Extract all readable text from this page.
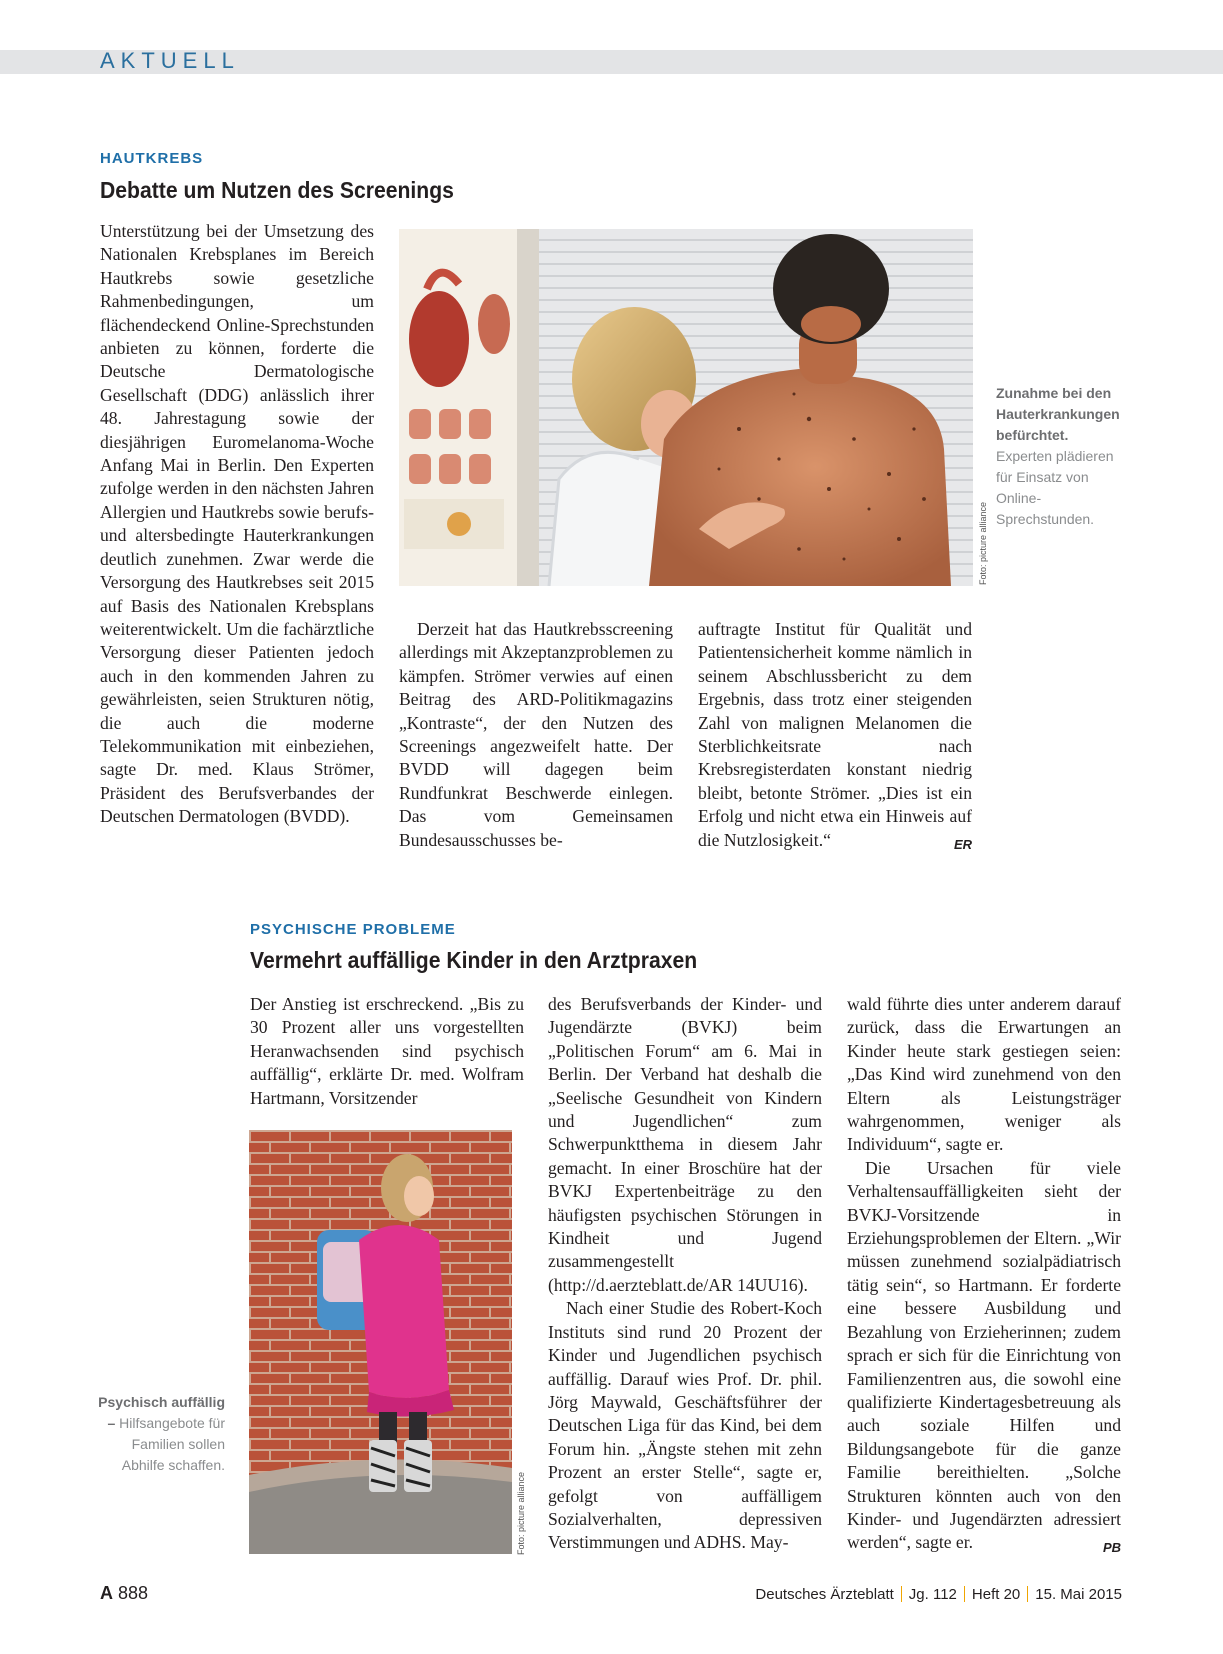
AKTUELL
HAUTKREBS
Debatte um Nutzen des Screenings

Unterstützung bei der Umsetzung des Nationalen Krebsplanes im Bereich Hautkrebs sowie gesetzliche Rahmenbedingungen, um flächendeckend Online-Sprechstunden anbieten zu können, forderte die Deutsche Dermatologische Gesellschaft (DDG) anlässlich ihrer 48. Jahrestagung sowie der diesjährigen Euromelanoma-Woche Anfang Mai in Berlin. Den Experten zufolge werden in den nächsten Jahren Allergien und Hautkrebs sowie berufs- und altersbedingte Hauterkrankungen deutlich zunehmen. Zwar werde die Versorgung des Hautkrebses seit 2015 auf Basis des Nationalen Krebsplans weiterentwickelt. Um die fachärztliche Versorgung dieser Patienten jedoch auch in den kommenden Jahren zu gewährleisten, seien Strukturen nötig, die auch die moderne Telekommunikation mit einbeziehen, sagte Dr. med. Klaus Strömer, Präsident des Berufsverbandes der Deutschen Dermatologen (BVDD).

Foto: picture alliance
Zunahme bei den Hauterkrankungen befürchtet. Experten plädieren für Einsatz von Online-Sprechstunden.

Derzeit hat das Hautkrebsscreening allerdings mit Akzeptanzproblemen zu kämpfen. Strömer verwies auf einen Beitrag des ARD-Politikmagazins „Kontraste“, der den Nutzen des Screenings angezweifelt hatte. Der BVDD will dagegen beim Rundfunkrat Beschwerde einlegen. Das vom Gemeinsamen Bundesausschusses be-

auftragte Institut für Qualität und Patientensicherheit komme nämlich in seinem Abschlussbericht zu dem Ergebnis, dass trotz einer steigenden Zahl von malignen Melanomen die Sterblichkeitsrate nach Krebsregisterdaten konstant niedrig bleibt, betonte Strömer. „Dies ist ein Erfolg und nicht etwa ein Hinweis auf die Nutzlosigkeit.“	ER
PSYCHISCHE PROBLEME
Vermehrt auffällige Kinder in den Arztpraxen

Der Anstieg ist erschreckend. „Bis zu 30 Prozent aller uns vorgestellten Heranwachsenden sind psychisch auffällig“, erklärte Dr. med. Wolfram Hartmann, Vorsitzender

Foto: picture alliance
Psychisch auffällig – Hilfsangebote für Familien sollen Abhilfe schaffen.

des Berufsverbands der Kinder- und Jugendärzte (BVKJ) beim „Politischen Forum“ am 6. Mai in Berlin. Der Verband hat deshalb die „Seelische Gesundheit von Kindern und Jugendlichen“ zum Schwerpunktthema in diesem Jahr gemacht. In einer Broschüre hat der BVKJ Expertenbeiträge zu den häufigsten psychischen Störungen in Kindheit und Jugend zusammengestellt (http://d.aerzteblatt.de/AR 14UU16).

Nach einer Studie des Robert-Koch Instituts sind rund 20 Prozent der Kinder und Jugendlichen psychisch auffällig. Darauf wies Prof. Dr. phil. Jörg Maywald, Geschäftsführer der Deutschen Liga für das Kind, bei dem Forum hin. „Ängste stehen mit zehn Prozent an erster Stelle“, sagte er, gefolgt von auffälligem Sozialverhalten, depressiven Verstimmungen und ADHS. May-

wald führte dies unter anderem darauf zurück, dass die Erwartungen an Kinder heute stark gestiegen seien: „Das Kind wird zunehmend von den Eltern als Leistungsträger wahrgenommen, weniger als Individuum“, sagte er.

Die Ursachen für viele Verhaltensauffälligkeiten sieht der BVKJ-Vorsitzende in Erziehungsproblemen der Eltern. „Wir müssen zunehmend sozialpädiatrisch tätig sein“, so Hartmann. Er forderte eine bessere Ausbildung und Bezahlung von Erzieherinnen; zudem sprach er sich für die Einrichtung von Familienzentren aus, die sowohl eine qualifizierte Kindertagesbetreuung als auch soziale Hilfen und Bildungsangebote für die ganze Familie bereithielten. „Solche Strukturen könnten auch von den Kinder- und Jugendärzten adressiert werden“, sagte er.	PB
A 888	Deutsches Ärzteblatt Jg. 112 Heft 20 15. Mai 2015
